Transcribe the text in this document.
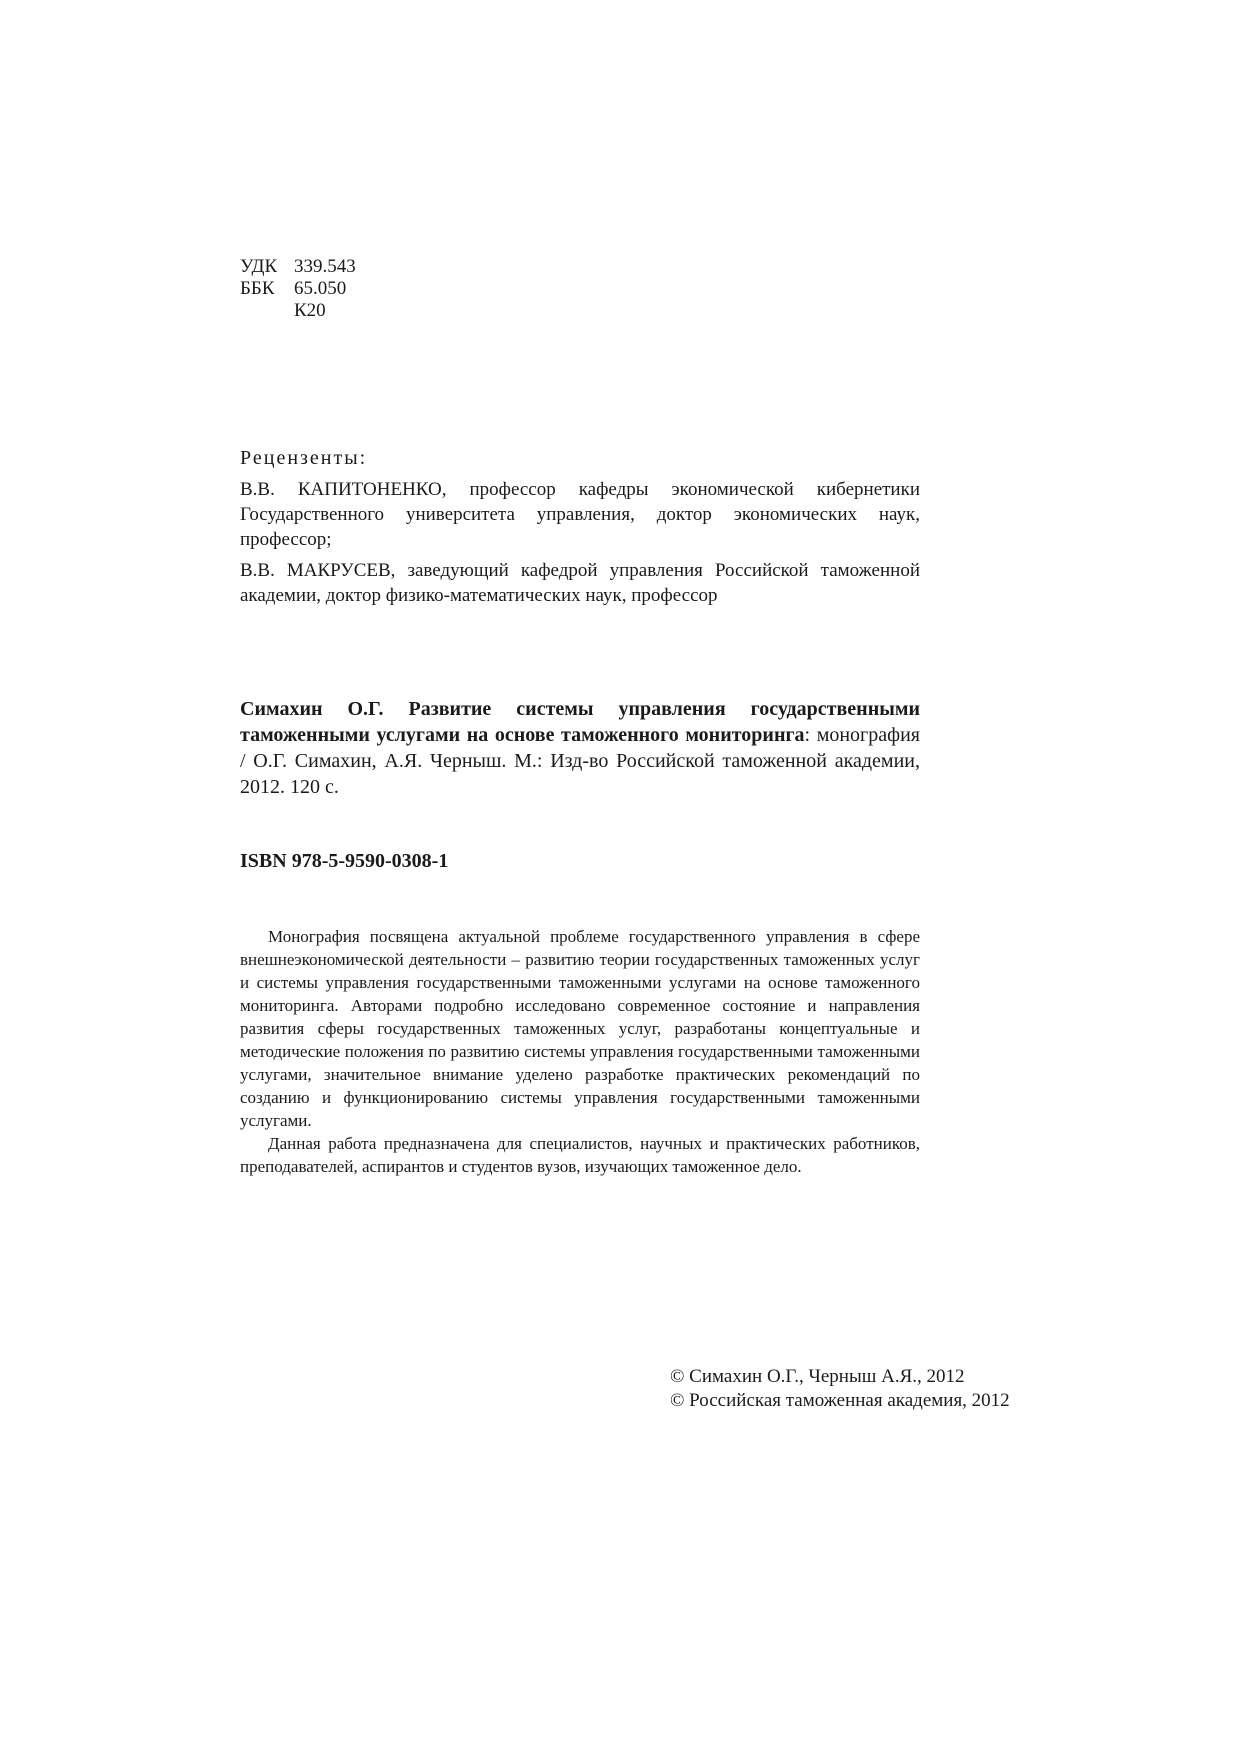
УДК 339.543
ББК	65.050
К20
Рецензенты:

В.В. КАПИТОНЕНКО, профессор кафедры экономической кибернетики Государственного университета управления, доктор экономических наук, профессор;

В.В. МАКРУСЕВ, заведующий кафедрой управления Российской таможенной академии, доктор физико-математических наук, профессор

Симахин О.Г. Развитие системы управления государственными таможенными услугами на основе таможенного мониторинга: монография / О.Г. Симахин, А.Я. Черныш. М.: Изд-во Российской таможенной академии, 2012. 120 с.
ISBN 978-5-9590-0308-1

Монография посвящена актуальной проблеме государственного управления в сфере внешнеэкономической деятельности – развитию теории государственных таможенных услуг и системы управления государственными таможенными услугами на основе таможенного мониторинга. Авторами подробно исследовано современное состояние и направления развития сферы государственных таможенных услуг, разработаны концептуальные и методические положения по развитию системы управления государственными таможенными услугами, значительное внимание уделено разработке практических рекомендаций по созданию и функционированию системы управления государственными таможенными услугами.

Данная работа предназначена для специалистов, научных и практических работников, преподавателей, аспирантов и студентов вузов, изучающих таможенное дело.

© Симахин О.Г., Черныш А.Я., 2012
© Российская таможенная академия, 2012
